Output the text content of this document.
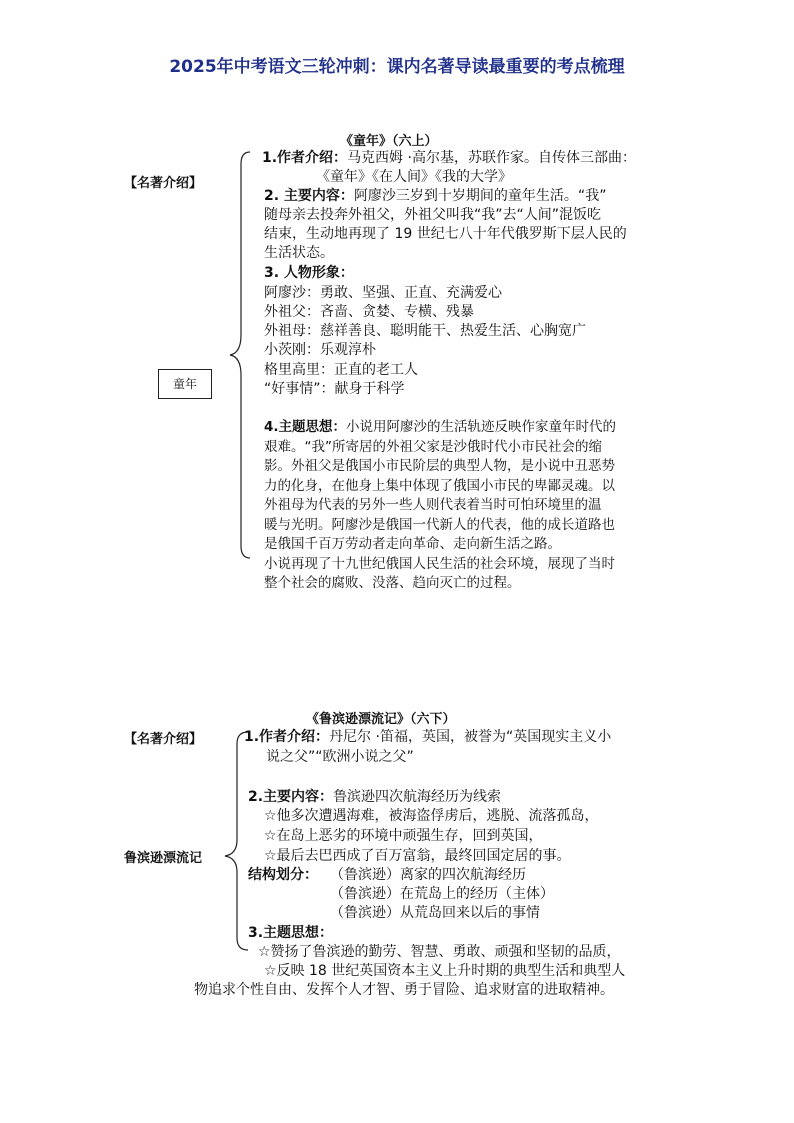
2025年中考语文三轮冲刺：课内名著导读最重要的考点梳理
《童年》（六上）
【名著介绍】
童年
1.作者介绍：马克西姆 ·高尔基，苏联作家。自传体三部曲：
《童年》《在人间》《我的大学》
2. 主要内容：阿廖沙三岁到十岁期间的童年生活。“我”
随母亲去投奔外祖父，外祖父叫我“我”去“人间”混饭吃
结束，生动地再现了 19 世纪七八十年代俄罗斯下层人民的
生活状态。
3. 人物形象：
阿廖沙：勇敢、坚强、正直、充满爱心
外祖父：吝啬、贪婪、专横、残暴
外祖母：慈祥善良、聪明能干、热爱生活、心胸宽广
小茨刚：乐观淳朴
格里高里：正直的老工人
“好事情”：献身于科学
4.主题思想：小说用阿廖沙的生活轨迹反映作家童年时代的
艰难。“我”所寄居的外祖父家是沙俄时代小市民社会的缩
影。外祖父是俄国小市民阶层的典型人物，是小说中丑恶势
力的化身，在他身上集中体现了俄国小市民的卑鄙灵魂。以
外祖母为代表的另外一些人则代表着当时可怕环境里的温
暖与光明。阿廖沙是俄国一代新人的代表，他的成长道路也
是俄国千百万劳动者走向革命、走向新生活之路。
小说再现了十九世纪俄国人民生活的社会环境，展现了当时
整个社会的腐败、没落、趋向灭亡的过程。
《鲁滨逊漂流记》（六下）
【名著介绍】
鲁滨逊漂流记
1.作者介绍：丹尼尔 ·笛福，英国，被誉为“英国现实主义小
说之父”“欧洲小说之父”
2.主要内容：鲁滨逊四次航海经历为线索
☆他多次遭遇海难，被海盗俘虏后，逃脱、流落孤岛，
☆在岛上恶劣的环境中顽强生存，回到英国，
☆最后去巴西成了百万富翁，最终回国定居的事。
结构划分： （鲁滨逊）离家的四次航海经历
（鲁滨逊）在荒岛上的经历（主体）
（鲁滨逊）从荒岛回来以后的事情
3.主题思想：
☆赞扬了鲁滨逊的勤劳、智慧、勇敢、顽强和坚韧的品质，
☆反映 18 世纪英国资本主义上升时期的典型生活和典型人
物追求个性自由、发挥个人才智、勇于冒险、追求财富的进取精神。
